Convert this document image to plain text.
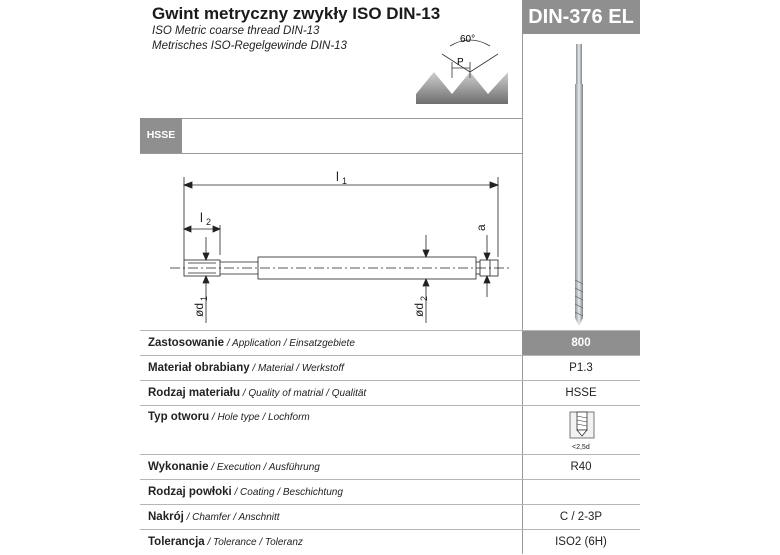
Gwint metryczny zwykły ISO DIN-13
ISO Metric coarse thread DIN-13
Metrisches ISO-Regelgewinde DIN-13
DIN-376 EL
60°
P
HSSE
l 1
l 2
a
ød
1
ød
2
Zastosowanie / Application / Einsatzgebiete	800
Materiał obrabiany / Material / Werkstoff	P1.3
Rodzaj materiału / Quality of matrial / Qualität	HSSE
Typ otworu / Hole type / Lochform
<2,5d
Wykonanie / Execution / Ausführung	R40
Rodzaj powłoki / Coating / Beschichtung
Nakrój / Chamfer / Anschnitt	C / 2-3P
Tolerancja / Tolerance / Toleranz	ISO2 (6H)
